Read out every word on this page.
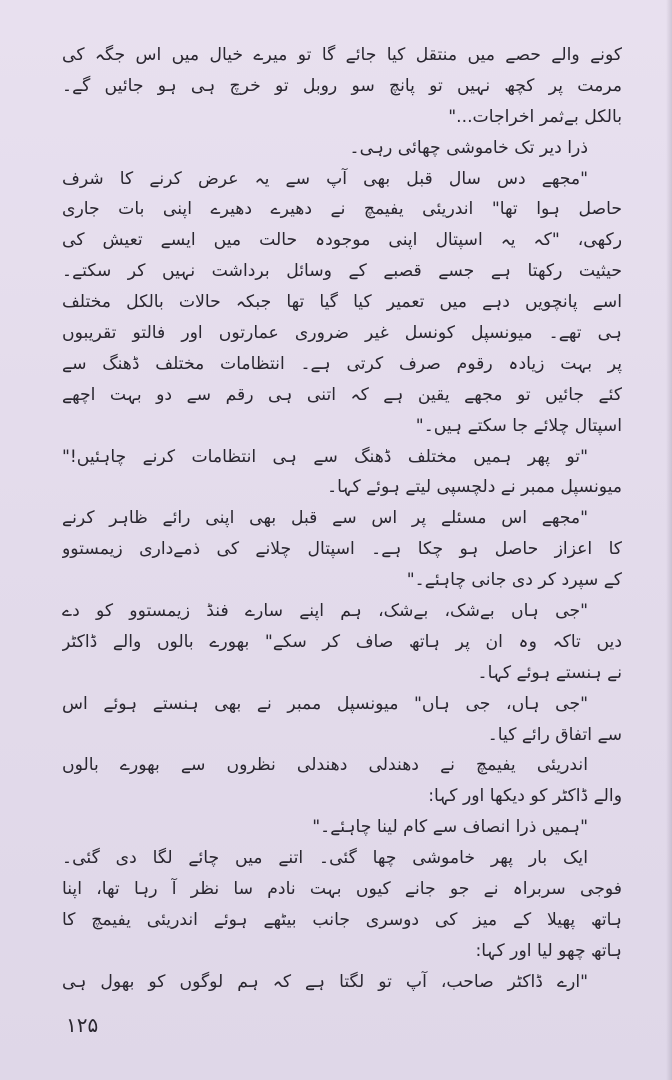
کونے والے حصے میں منتقل کیا جائے گا تو میرے خیال میں اس جگہ کی
مرمت پر کچھ نہیں تو پانچ سو روبل تو خرچ ہی ہو جائیں گے۔
بالکل بےثمر اخراجات..."
ذرا دیر تک خاموشی چھائی رہی۔
"مجھے دس سال قبل بھی آپ سے یہ عرض کرنے کا شرف
حاصل ہوا تھا" اندریئی یفیمچ نے دھیرے دھیرے اپنی بات جاری
رکھی، "کہ یہ اسپتال اپنی موجودہ حالت میں ایسے تعیش کی
حیثیت رکھتا ہے جسے قصبے کے وسائل برداشت نہیں کر سکتے۔
اسے پانچویں دہے میں تعمیر کیا گیا تھا جبکہ حالات بالکل مختلف
ہی تھے۔ میونسپل کونسل غیر ضروری عمارتوں اور فالتو تقریبوں
پر بہت زیادہ رقوم صرف کرتی ہے۔ انتظامات مختلف ڈھنگ سے
کئے جائیں تو مجھے یقین ہے کہ اتنی ہی رقم سے دو بہت اچھے
اسپتال چلائے جا سکتے ہیں۔"
"تو پھر ہمیں مختلف ڈھنگ سے ہی انتظامات کرنے چاہئیں!"
میونسپل ممبر نے دلچسپی لیتے ہوئے کہا۔
"مجھے اس مسئلے پر اس سے قبل بھی اپنی رائے ظاہر کرنے
کا اعزاز حاصل ہو چکا ہے۔ اسپتال چلانے کی ذمےداری زیمستوو
کے سپرد کر دی جانی چاہئے۔"
"جی ہاں بےشک، بےشک، ہم اپنے سارے فنڈ زیمستوو کو دے
دیں تاکہ وہ ان پر ہاتھ صاف کر سکے" بھورے بالوں والے ڈاکٹر
نے ہنستے ہوئے کہا۔
"جی ہاں، جی ہاں" میونسپل ممبر نے بھی ہنستے ہوئے اس
سے اتفاق رائے کیا۔
اندریئی یفیمچ نے دھندلی دھندلی نظروں سے بھورے بالوں
والے ڈاکٹر کو دیکھا اور کہا:
"ہمیں ذرا انصاف سے کام لینا چاہئے۔"
ایک بار پھر خاموشی چھا گئی۔ اتنے میں چائے لگا دی گئی۔
فوجی سربراہ نے جو جانے کیوں بہت نادم سا نظر آ رہا تھا، اپنا
ہاتھ پھیلا کے میز کی دوسری جانب بیٹھے ہوئے اندریئی یفیمچ کا
ہاتھ چھو لیا اور کہا:
"ارے ڈاکٹر صاحب، آپ تو لگتا ہے کہ ہم لوگوں کو بھول ہی
۱۲۵
